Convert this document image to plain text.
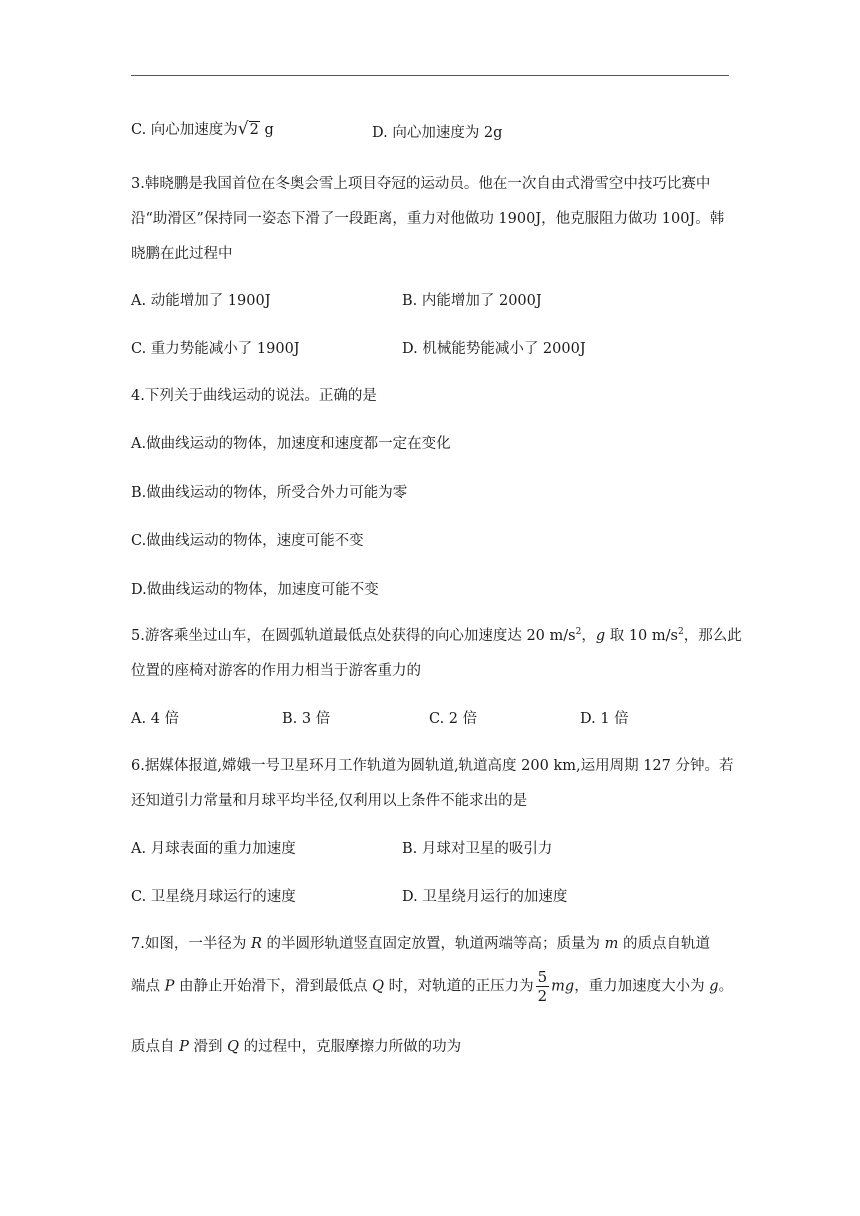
C. 向心加速度为√2 g	D. 向心加速度为 2g
3.韩晓鹏是我国首位在冬奥会雪上项目夺冠的运动员。他在一次自由式滑雪空中技巧比赛中
沿“助滑区”保持同一姿态下滑了一段距离，重力对他做功 1900J，他克服阻力做功 100J。韩
晓鹏在此过程中
A. 动能增加了 1900J	B. 内能增加了 2000J
C. 重力势能减小了 1900J	D. 机械能势能减小了 2000J
4.下列关于曲线运动的说法。正确的是
A.做曲线运动的物体，加速度和速度都一定在变化
B.做曲线运动的物体，所受合外力可能为零
C.做曲线运动的物体，速度可能不变
D.做曲线运动的物体，加速度可能不变
5.游客乘坐过山车，在圆弧轨道最低点处获得的向心加速度达 20 $m/s^2$，g 取 10 $m/s^2$，那么此
位置的座椅对游客的作用力相当于游客重力的
A. 4 倍	B. 3 倍	C. 2 倍	D. 1 倍
6.据媒体报道,嫦娥一号卫星环月工作轨道为圆轨道,轨道高度 200 km,运用周期 127 分钟。若
还知道引力常量和月球平均半径,仅利用以上条件不能求出的是
A. 月球表面的重力加速度	B. 月球对卫星的吸引力
C. 卫星绕月球运行的速度	D. 卫星绕月运行的加速度
7.如图，一半径为 R 的半圆形轨道竖直固定放置，轨道两端等高；质量为 m 的质点自轨道
端点 P 由静止开始滑下，滑到最低点 Q 时，对轨道的正压力为 $\frac{5}{2}$ mg，重力加速度大小为 g。
质点自 P 滑到 Q 的过程中，克服摩擦力所做的功为
